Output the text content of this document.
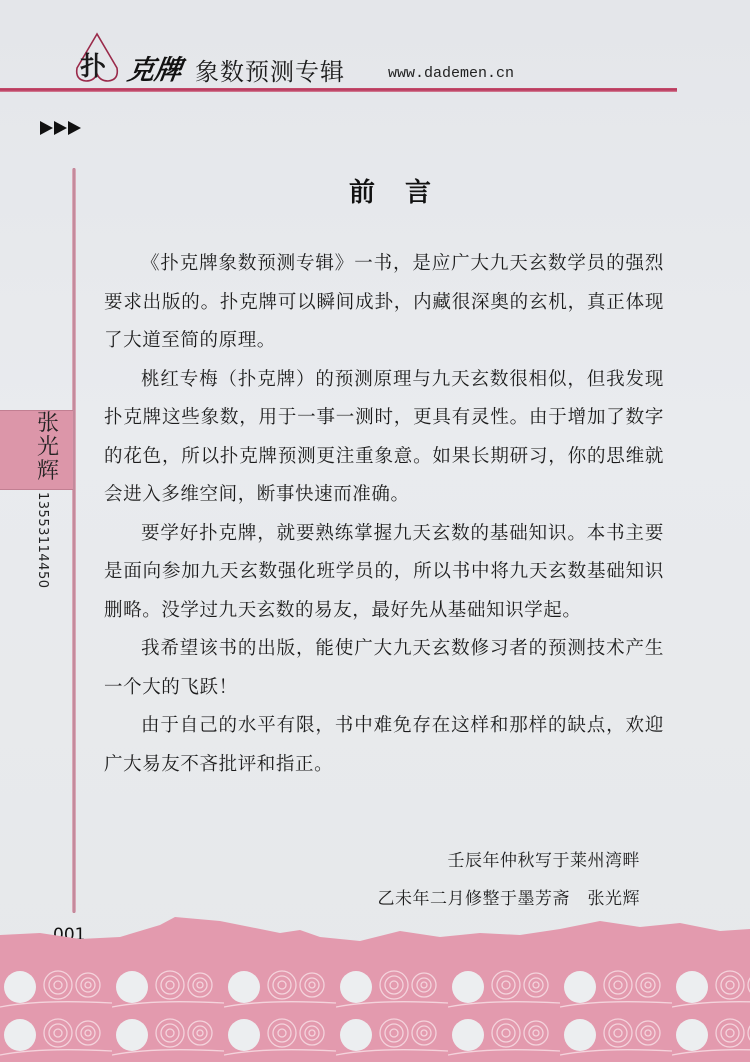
扑 克牌 象数预测专辑	www.dademen.cn
张
光
辉
13553114450
前言

《扑克牌象数预测专辑》一书，是应广大九天玄数学员的强烈要求出版的。扑克牌可以瞬间成卦，内藏很深奥的玄机，真正体现了大道至简的原理。

桃红专梅（扑克牌）的预测原理与九天玄数很相似，但我发现扑克牌这些象数，用于一事一测时，更具有灵性。由于增加了数字的花色，所以扑克牌预测更注重象意。如果长期研习，你的思维就会进入多维空间，断事快速而准确。

要学好扑克牌，就要熟练掌握九天玄数的基础知识。本书主要是面向参加九天玄数强化班学员的，所以书中将九天玄数基础知识删略。没学过九天玄数的易友，最好先从基础知识学起。

我希望该书的出版，能使广大九天玄数修习者的预测技术产生一个大的飞跃！

由于自己的水平有限，书中难免存在这样和那样的缺点，欢迎广大易友不吝批评和指正。

壬辰年仲秋写于莱州湾畔
乙未年二月修整于墨芳斋　张光辉
001
